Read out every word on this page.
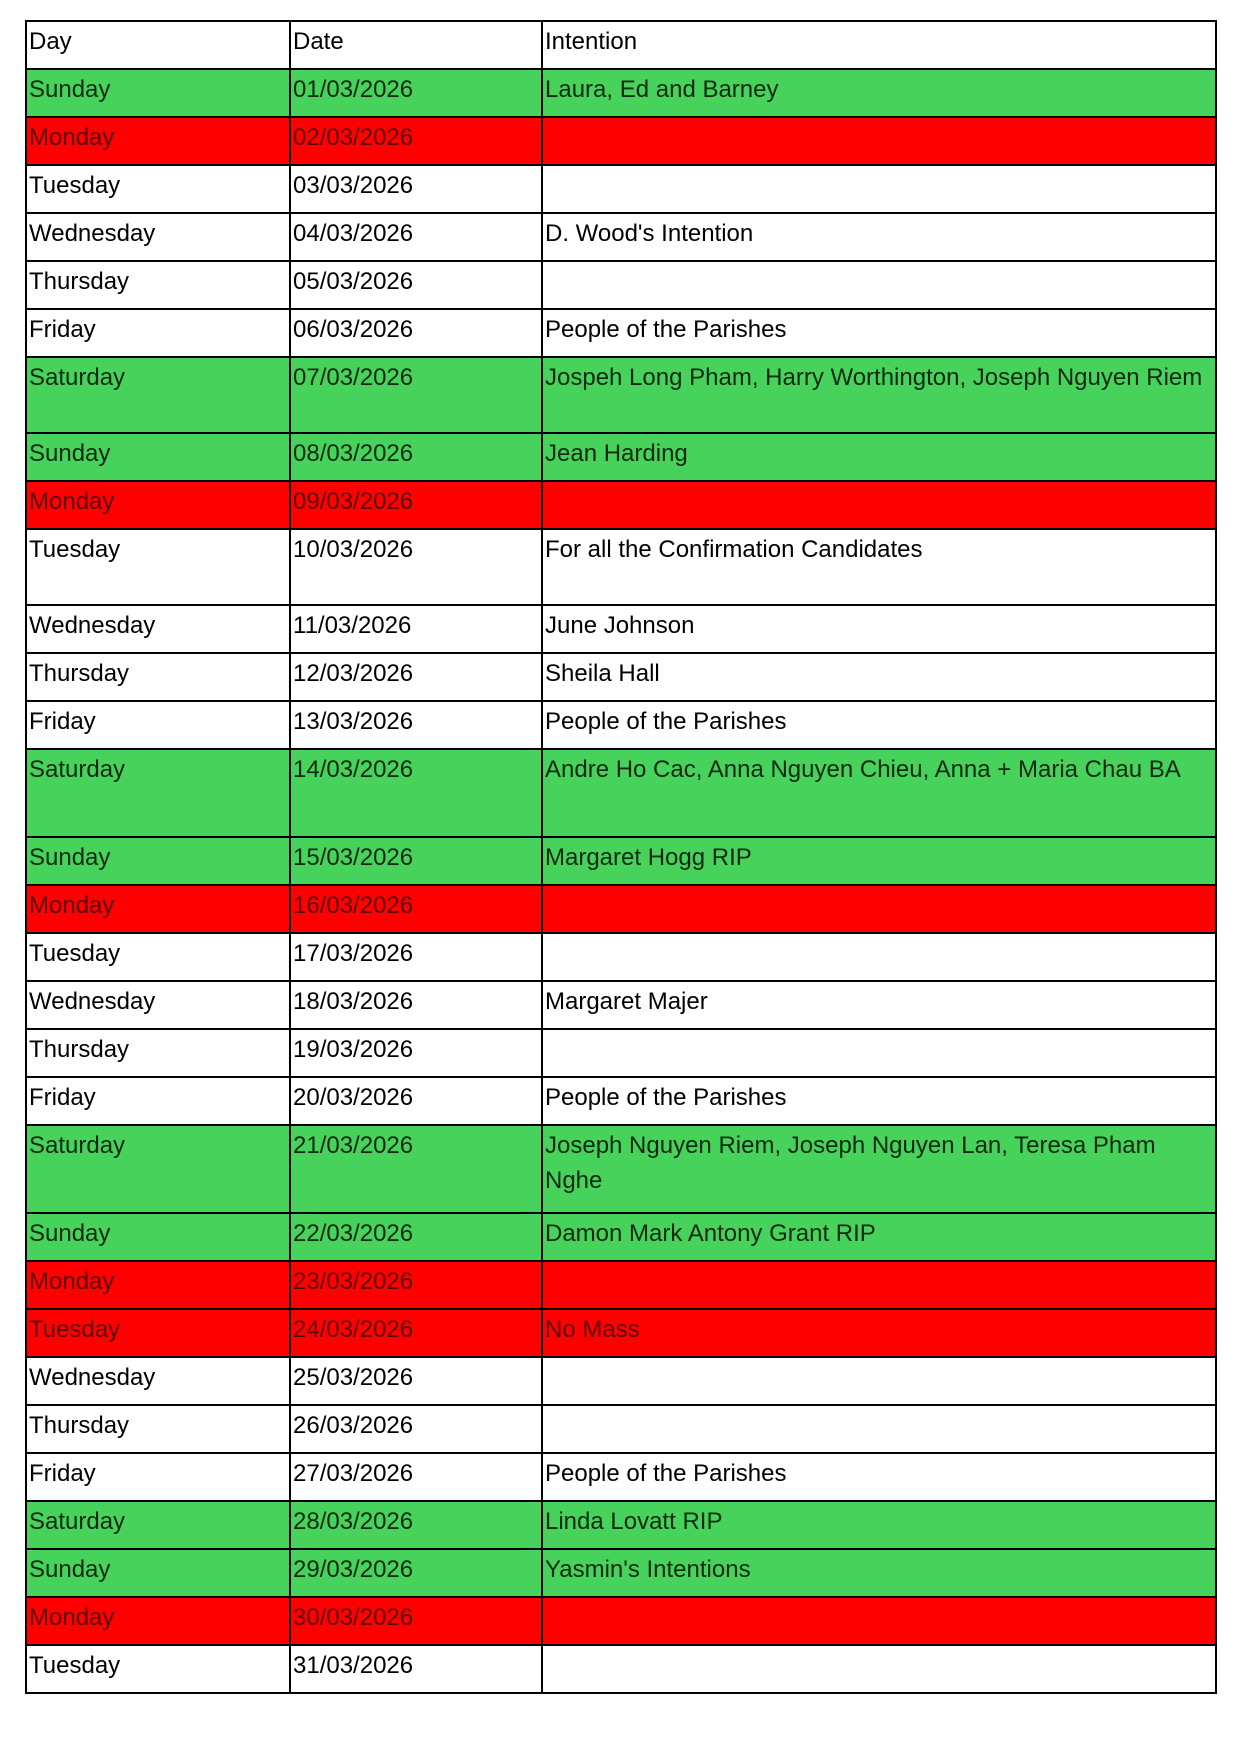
Day	Date	Intention
Sunday	01/03/2026	Laura, Ed and Barney
Monday	02/03/2026	
Tuesday	03/03/2026	
Wednesday	04/03/2026	D. Wood's Intention
Thursday	05/03/2026	
Friday	06/03/2026	People of the Parishes
Saturday	07/03/2026	Jospeh Long Pham, Harry Worthington, Joseph Nguyen Riem
Sunday	08/03/2026	Jean Harding
Monday	09/03/2026	
Tuesday	10/03/2026	For all the Confirmation Candidates
Wednesday	11/03/2026	June Johnson
Thursday	12/03/2026	Sheila Hall
Friday	13/03/2026	People of the Parishes
Saturday	14/03/2026	Andre Ho Cac, Anna Nguyen Chieu, Anna + Maria Chau BA
Sunday	15/03/2026	Margaret Hogg RIP
Monday	16/03/2026	
Tuesday	17/03/2026	
Wednesday	18/03/2026	Margaret Majer
Thursday	19/03/2026	
Friday	20/03/2026	People of the Parishes
Saturday	21/03/2026	Joseph Nguyen Riem, Joseph Nguyen Lan, Teresa Pham Nghe
Sunday	22/03/2026	Damon Mark Antony Grant RIP
Monday	23/03/2026	
Tuesday	24/03/2026	No Mass
Wednesday	25/03/2026	
Thursday	26/03/2026	
Friday	27/03/2026	People of the Parishes
Saturday	28/03/2026	Linda Lovatt RIP
Sunday	29/03/2026	Yasmin's Intentions
Monday	30/03/2026	
Tuesday	31/03/2026	
